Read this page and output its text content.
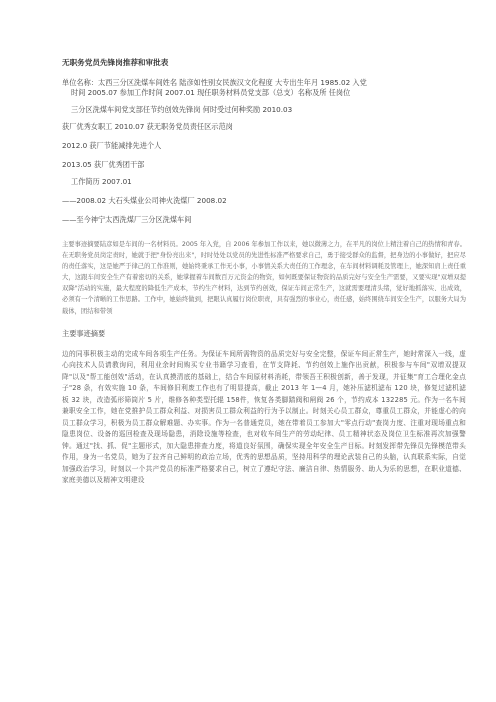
无职务党员先锋岗推荐和审批表
单位名称：太西三分区洗煤车间姓名 陆彦如性别女民族汉文化程度 大专出生年月 1985.02 入党
时间 2005.07 参加工作时间 2007.01 现任职务材料员党支部（总支）名称及所 任岗位
三分区洗煤车间党支部任节约创效先锋岗 何时受过何种奖励 2010.03
获厂优秀女职工 2010.07 获无职务党员责任区示范岗
2012.0 获厂节能减排先进个人
2013.05 获厂优秀团干部
工作简历 2007.01
——2008.02 大石头煤业公司神火洗煤厂 2008.02
——至今神宁太西洗煤厂三分区洗煤车间

主要事迹摘要陆彦如是车间的一名材料员。2005 年入党，自 2006 年参加工作以来，她以微薄之力，在平凡的岗位上精注着自己的热情和青春。在无职务党员岗定责时，她就于把"身份亮出来"，时时处处以党员的先进性标准严格要求自己，勇于接受群众的监督，把身边的小事做好，把应尽的责任落实，这是她严于律己的工作准则，她始终秉承工作无小事，小事情关系大责任的工作理念，在车间材料调耗及管理上，她深知肩上责任重大，这跟车间安全生产有着密切的关系，她掌握着车间数百万元资金的物资，如何既要保证物资的品质完好与安全生产需要，又要实现"双增双提双降"活动的实施，最大程度的降低生产成本，节约生产材料，达到节约创效，保证车间正常生产，这就需要理清头绪，觉好地抓落实、出成效，必须有一个清晰的工作思路。工作中，她始终做到，把眼认真履行岗位职责，具有强烈的事业心，责任感，始终围绕车间安全生产，以服务大局为载体，团结和带领

主要事迹摘要

边的同事积极主动的完成车间各项生产任务。为保证车间所需物资的品质完好与安全完整，保证车间正常生产，她时常深入一线，虚心向技术人员请教询问，利用业余时间购买专业书籍学习查看，在节支降耗、节约创效上施作出贡献，积极参与车间"双增双提双降"以及"帮工能创效"活动，在认真摸清底的基础上，结合车间原材料消耗，带领吾王积极创新，善于发现，并征集"育工合理化金点子"28 条，有效实施 10 条，车间修旧利废工作也有了明显提高，截止 2013 年 1—4 月，她补压滤机滤布 120 块，修复过滤机滤板 32 块，改造弧形筛筒片 5 片，维修各种类型托辊 158件，恢复各类脚踏阀和闸阀 26 个，节约成本 132285 元。作为一名车间兼职安全工作，她在党推护员工群众利益、对损害员工群众利益的行为予以制止。时刻关心员工群众，尊重员工群众，并能虚心的向员工群众学习，积极为员工群众解难题、办实事。作为一名普通党员，她在带着员工参加大"零点行动"查岗力度、注重对现场重点和隐患岗位、设备的巡回检查及现场隐患，消除设施等检查，也对收车间生产的劳动纪律、员工精神状态及岗位卫生标准再次加强警钟。通过"找、抓、促"主题形式，加大隐患排查力度，将道良好氛围，确保实现全年安全生产目标。时刻发挥带先锋员先锋模范带头作用，身为一名党员，她为了拉齐自己鲜明的政治立场，优秀的思想品质，坚持用科学的理论武装自己的头脑，认真联系实际，自觉加强政治学习，时刻以一个共产党员的标准严格要求自己，树立了遵纪守法、廉洁自律、热情服务、助人为乐的思想，在职业道德、家庭美德以及精神文明建设
